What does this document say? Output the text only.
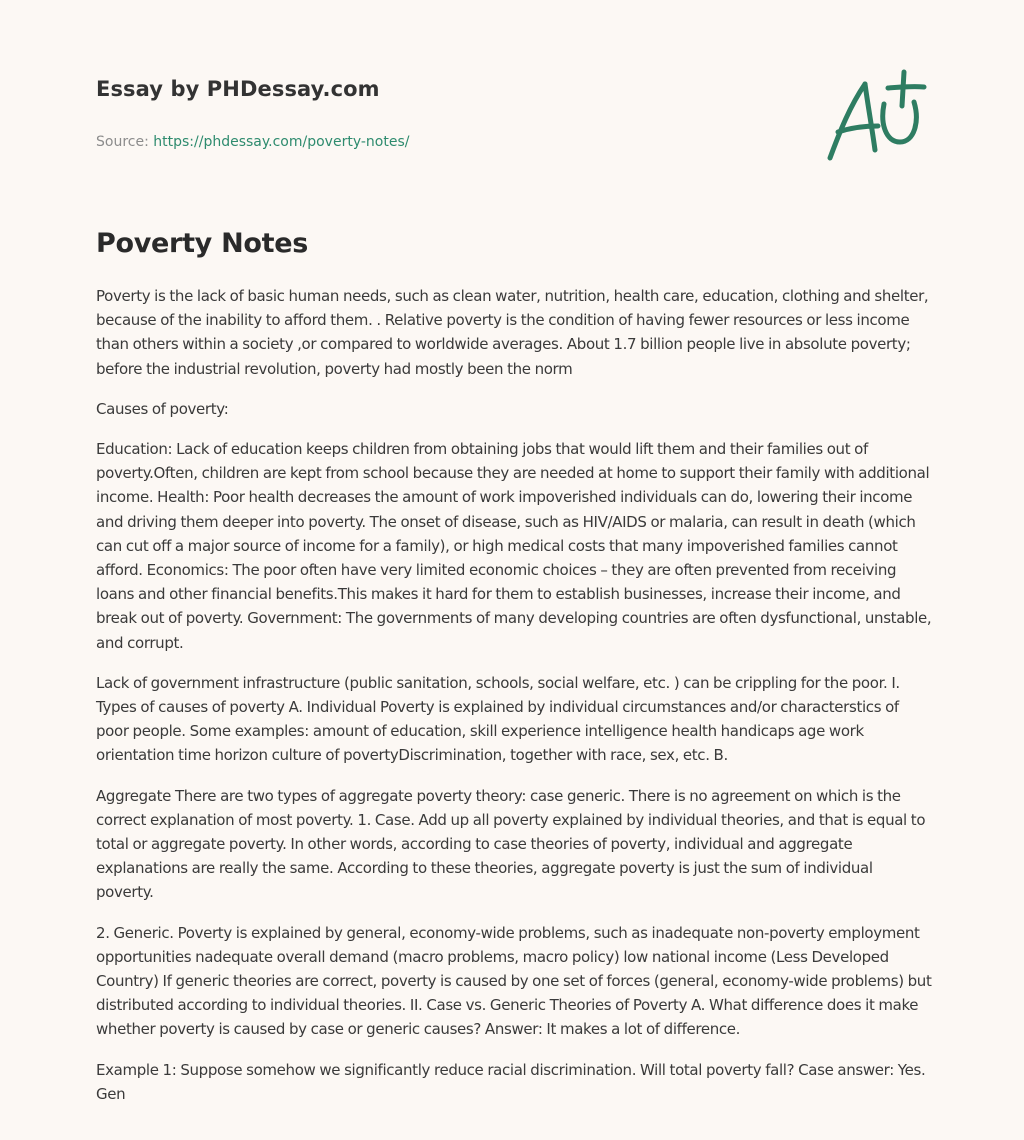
Essay by PHDessay.com
Source: https://phdessay.com/poverty-notes/
Poverty Notes

Poverty is the lack of basic human needs, such as clean water, nutrition, health care, education, clothing and shelter, because of the inability to afford them. . Relative poverty is the condition of having fewer resources or less income than others within a society ,or compared to worldwide averages. About 1.7 billion people live in absolute poverty; before the industrial revolution, poverty had mostly been the norm

Causes of poverty:

Education: Lack of education keeps children from obtaining jobs that would lift them and their families out of poverty.Often, children are kept from school because they are needed at home to support their family with additional income. Health: Poor health decreases the amount of work impoverished individuals can do, lowering their income and driving them deeper into poverty. The onset of disease, such as HIV/AIDS or malaria, can result in death (which can cut off a major source of income for a family), or high medical costs that many impoverished families cannot afford. Economics: The poor often have very limited economic choices – they are often prevented from receiving loans and other financial benefits.This makes it hard for them to establish businesses, increase their income, and break out of poverty. Government: The governments of many developing countries are often dysfunctional, unstable, and corrupt.

Lack of government infrastructure (public sanitation, schools, social welfare, etc. ) can be crippling for the poor. I. Types of causes of poverty A. Individual Poverty is explained by individual circumstances and/or characterstics of poor people. Some examples: amount of education, skill experience intelligence health handicaps age work orientation time horizon culture of povertyDiscrimination, together with race, sex, etc. B.

Aggregate There are two types of aggregate poverty theory: case generic. There is no agreement on which is the correct explanation of most poverty. 1. Case. Add up all poverty explained by individual theories, and that is equal to total or aggregate poverty. In other words, according to case theories of poverty, individual and aggregate explanations are really the same. According to these theories, aggregate poverty is just the sum of individual poverty.

2. Generic. Poverty is explained by general, economy-wide problems, such as inadequate non-poverty employment opportunities nadequate overall demand (macro problems, macro policy) low national income (Less Developed Country) If generic theories are correct, poverty is caused by one set of forces (general, economy-wide problems) but distributed according to individual theories. II. Case vs. Generic Theories of Poverty A. What difference does it make whether poverty is caused by case or generic causes? Answer: It makes a lot of difference.

Example 1: Suppose somehow we significantly reduce racial discrimination. Will total poverty fall? Case answer: Yes. Gen
